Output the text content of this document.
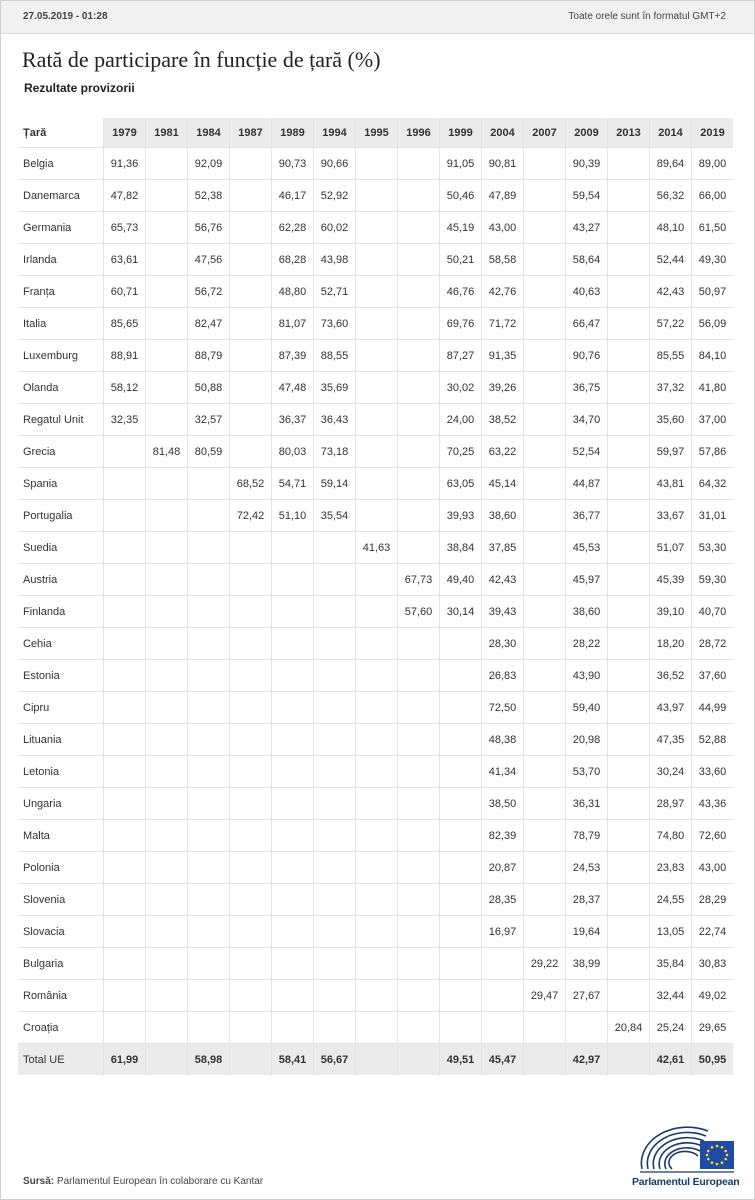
27.05.2019 - 01:28	Toate orele sunt în formatul GMT+2
Rată de participare în funcție de țară (%)
Rezultate provizorii
Țară	1979	1981	1984	1987	1989	1994	1995	1996	1999	2004	2007	2009	2013	2014	2019
Belgia	91,36		92,09		90,73	90,66			91,05	90,81		90,39		89,64	89,00
Danemarca	47,82		52,38		46,17	52,92			50,46	47,89		59,54		56,32	66,00
Germania	65,73		56,76		62,28	60,02			45,19	43,00		43,27		48,10	61,50
Irlanda	63,61		47,56		68,28	43,98			50,21	58,58		58,64		52,44	49,30
Franța	60,71		56,72		48,80	52,71			46,76	42,76		40,63		42,43	50,97
Italia	85,65		82,47		81,07	73,60			69,76	71,72		66,47		57,22	56,09
Luxemburg	88,91		88,79		87,39	88,55			87,27	91,35		90,76		85,55	84,10
Olanda	58,12		50,88		47,48	35,69			30,02	39,26		36,75		37,32	41,80
Regatul Unit	32,35		32,57		36,37	36,43			24,00	38,52		34,70		35,60	37,00
Grecia		81,48	80,59		80,03	73,18			70,25	63,22		52,54		59,97	57,86
Spania				68,52	54,71	59,14			63,05	45,14		44,87		43,81	64,32
Portugalia				72,42	51,10	35,54			39,93	38,60		36,77		33,67	31,01
Suedia							41,63		38,84	37,85		45,53		51,07	53,30
Austria								67,73	49,40	42,43		45,97		45,39	59,30
Finlanda								57,60	30,14	39,43		38,60		39,10	40,70
Cehia										28,30		28,22		18,20	28,72
Estonia										26,83		43,90		36,52	37,60
Cipru										72,50		59,40		43,97	44,99
Lituania										48,38		20,98		47,35	52,88
Letonia										41,34		53,70		30,24	33,60
Ungaria										38,50		36,31		28,97	43,36
Malta										82,39		78,79		74,80	72,60
Polonia										20,87		24,53		23,83	43,00
Slovenia										28,35		28,37		24,55	28,29
Slovacia										16,97		19,64		13,05	22,74
Bulgaria											29,22	38,99		35,84	30,83
România											29,47	27,67		32,44	49,02
Croația													20,84	25,24	29,65
Total UE	61,99		58,98		58,41	56,67			49,51	45,47		42,97		42,61	50,95
Sursă: Parlamentul European în colaborare cu Kantar	Parlamentul European
